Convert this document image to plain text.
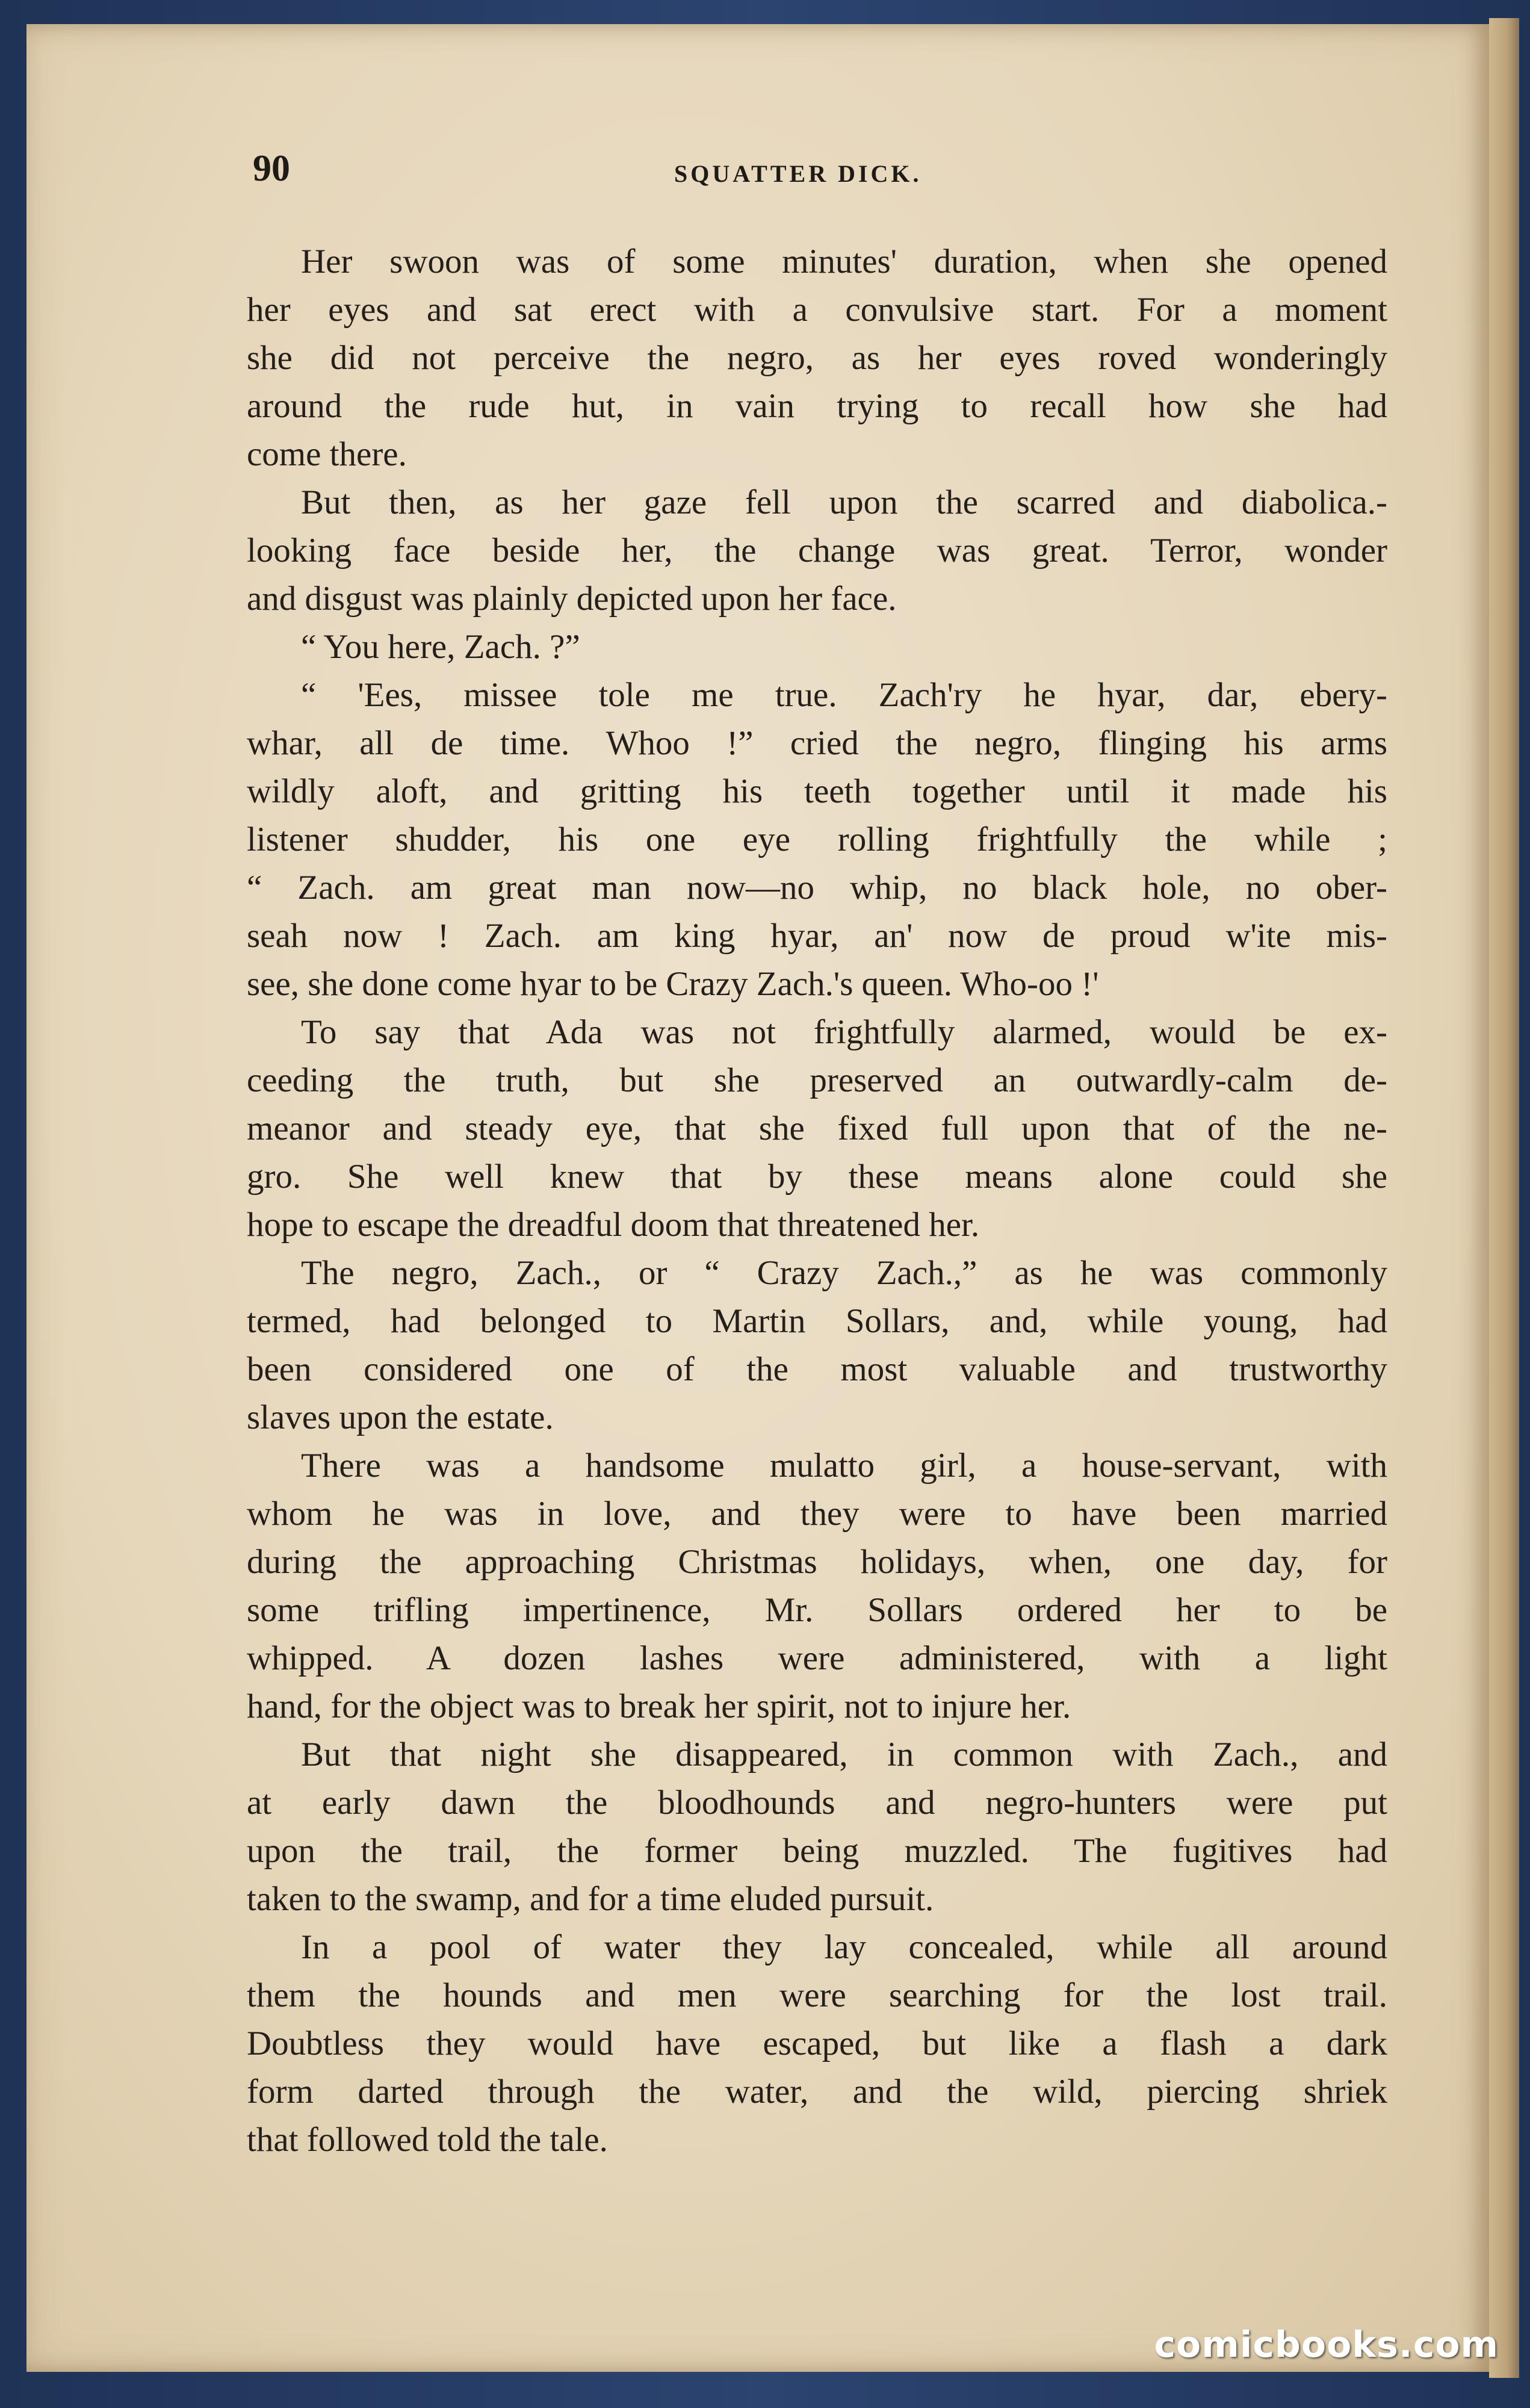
90	SQUATTER DICK.
Her swoon was of some minutes' duration, when she opened
her eyes and sat erect with a convulsive start. For a moment
she did not perceive the negro, as her eyes roved wonderingly
around the rude hut, in vain trying to recall how she had
come there.
But then, as her gaze fell upon the scarred and diabolica.-
looking face beside her, the change was great. Terror, wonder
and disgust was plainly depicted upon her face.
“ You here, Zach. ?”
“ 'Ees, missee tole me true. Zach'ry he hyar, dar, ebery-
whar, all de time. Whoo !” cried the negro, flinging his arms
wildly aloft, and gritting his teeth together until it made his
listener shudder, his one eye rolling frightfully the while ;
“ Zach. am great man now—no whip, no black hole, no ober-
seah now ! Zach. am king hyar, an' now de proud w'ite mis-
see, she done come hyar to be Crazy Zach.'s queen. Who-oo !'
To say that Ada was not frightfully alarmed, would be ex-
ceeding the truth, but she preserved an outwardly-calm de-
meanor and steady eye, that she fixed full upon that of the ne-
gro. She well knew that by these means alone could she
hope to escape the dreadful doom that threatened her.
The negro, Zach., or “ Crazy Zach.,” as he was commonly
termed, had belonged to Martin Sollars, and, while young, had
been considered one of the most valuable and trustworthy
slaves upon the estate.
There was a handsome mulatto girl, a house-servant, with
whom he was in love, and they were to have been married
during the approaching Christmas holidays, when, one day, for
some trifling impertinence, Mr. Sollars ordered her to be
whipped. A dozen lashes were administered, with a light
hand, for the object was to break her spirit, not to injure her.
But that night she disappeared, in common with Zach., and
at early dawn the bloodhounds and negro-hunters were put
upon the trail, the former being muzzled. The fugitives had
taken to the swamp, and for a time eluded pursuit.
In a pool of water they lay concealed, while all around
them the hounds and men were searching for the lost trail.
Doubtless they would have escaped, but like a flash a dark
form darted through the water, and the wild, piercing shriek
that followed told the tale.
comicbooks.com
